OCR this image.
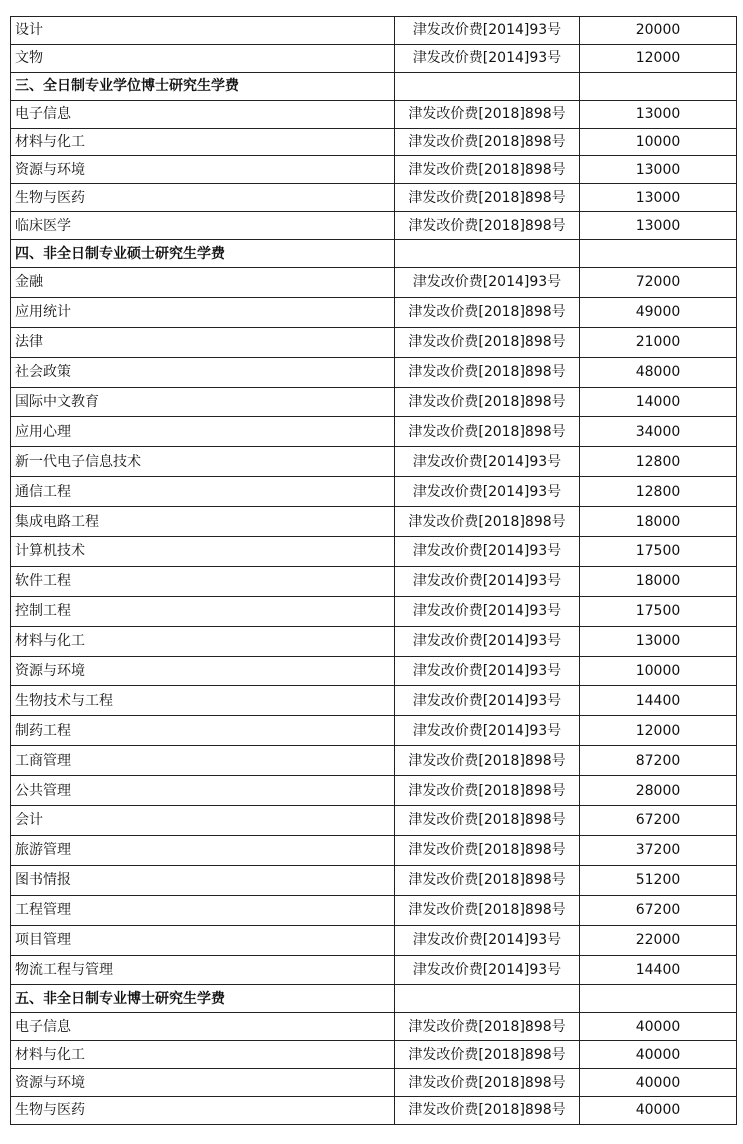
设计	津发改价费[2014]93号	20000
文物	津发改价费[2014]93号	12000
三、全日制专业学位博士研究生学费		
电子信息	津发改价费[2018]898号	13000
材料与化工	津发改价费[2018]898号	10000
资源与环境	津发改价费[2018]898号	13000
生物与医药	津发改价费[2018]898号	13000
临床医学	津发改价费[2018]898号	13000
四、非全日制专业硕士研究生学费		
金融	津发改价费[2014]93号	72000
应用统计	津发改价费[2018]898号	49000
法律	津发改价费[2018]898号	21000
社会政策	津发改价费[2018]898号	48000
国际中文教育	津发改价费[2018]898号	14000
应用心理	津发改价费[2018]898号	34000
新一代电子信息技术	津发改价费[2014]93号	12800
通信工程	津发改价费[2014]93号	12800
集成电路工程	津发改价费[2018]898号	18000
计算机技术	津发改价费[2014]93号	17500
软件工程	津发改价费[2014]93号	18000
控制工程	津发改价费[2014]93号	17500
材料与化工	津发改价费[2014]93号	13000
资源与环境	津发改价费[2014]93号	10000
生物技术与工程	津发改价费[2014]93号	14400
制药工程	津发改价费[2014]93号	12000
工商管理	津发改价费[2018]898号	87200
公共管理	津发改价费[2018]898号	28000
会计	津发改价费[2018]898号	67200
旅游管理	津发改价费[2018]898号	37200
图书情报	津发改价费[2018]898号	51200
工程管理	津发改价费[2018]898号	67200
项目管理	津发改价费[2014]93号	22000
物流工程与管理	津发改价费[2014]93号	14400
五、非全日制专业博士研究生学费		
电子信息	津发改价费[2018]898号	40000
材料与化工	津发改价费[2018]898号	40000
资源与环境	津发改价费[2018]898号	40000
生物与医药	津发改价费[2018]898号	40000
